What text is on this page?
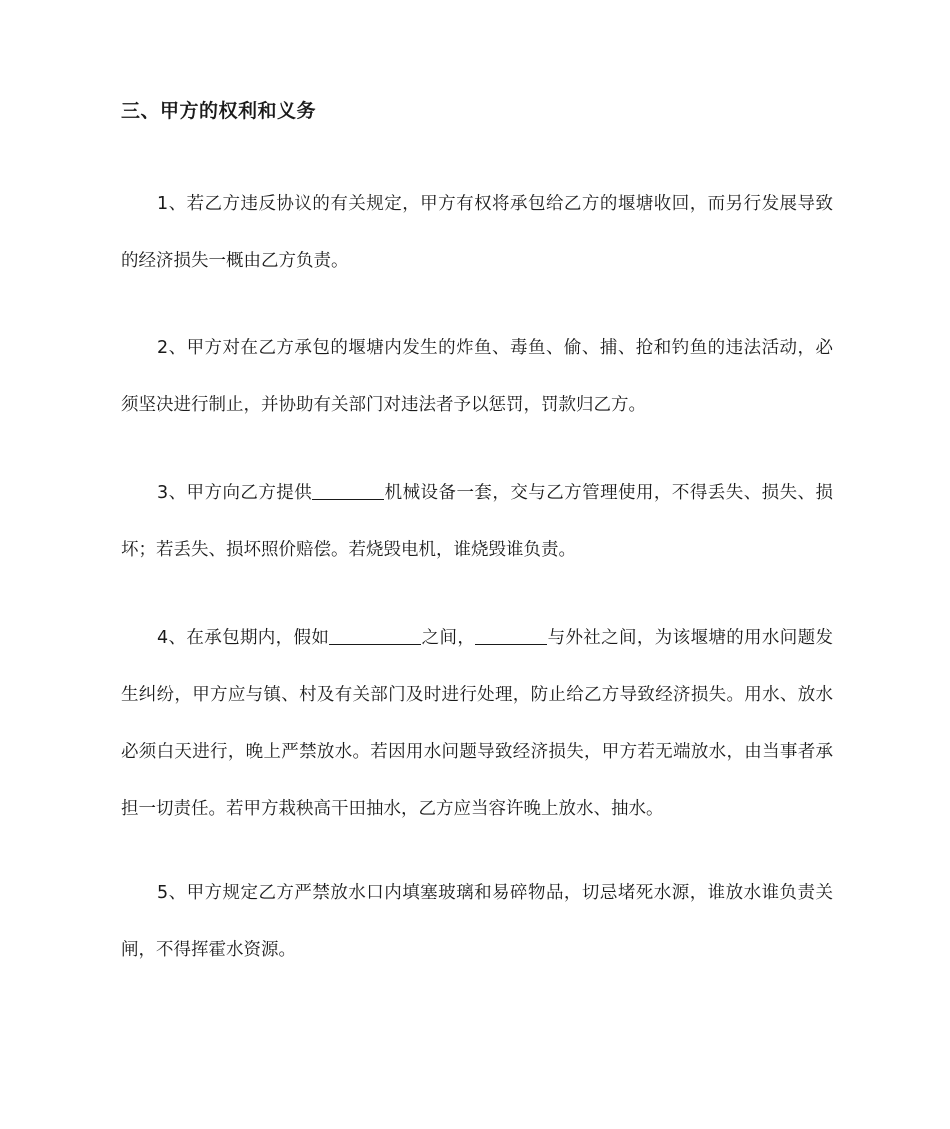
三、甲方的权利和义务
1、若乙方违反协议的有关规定，甲方有权将承包给乙方的堰塘收回，而另行发展导致的经济损失一概由乙方负责。
2、甲方对在乙方承包的堰塘内发生的炸鱼、毒鱼、偷、捕、抢和钓鱼的违法活动，必须坚决进行制止，并协助有关部门对违法者予以惩罚，罚款归乙方。
3、甲方向乙方提供	机械设备一套，交与乙方管理使用，不得丢失、损失、损坏；若丢失、损坏照价赔偿。若烧毁电机，谁烧毁谁负责。
4、在承包期内，假如	之间，	与外社之间，为该堰塘的用水问题发生纠纷，甲方应与镇、村及有关部门及时进行处理，防止给乙方导致经济损失。用水、放水必须白天进行，晚上严禁放水。若因用水问题导致经济损失，甲方若无端放水，由当事者承担一切责任。若甲方栽秧高干田抽水，乙方应当容许晚上放水、抽水。
5、甲方规定乙方严禁放水口内填塞玻璃和易碎物品，切忌堵死水源，谁放水谁负责关闸，不得挥霍水资源。
